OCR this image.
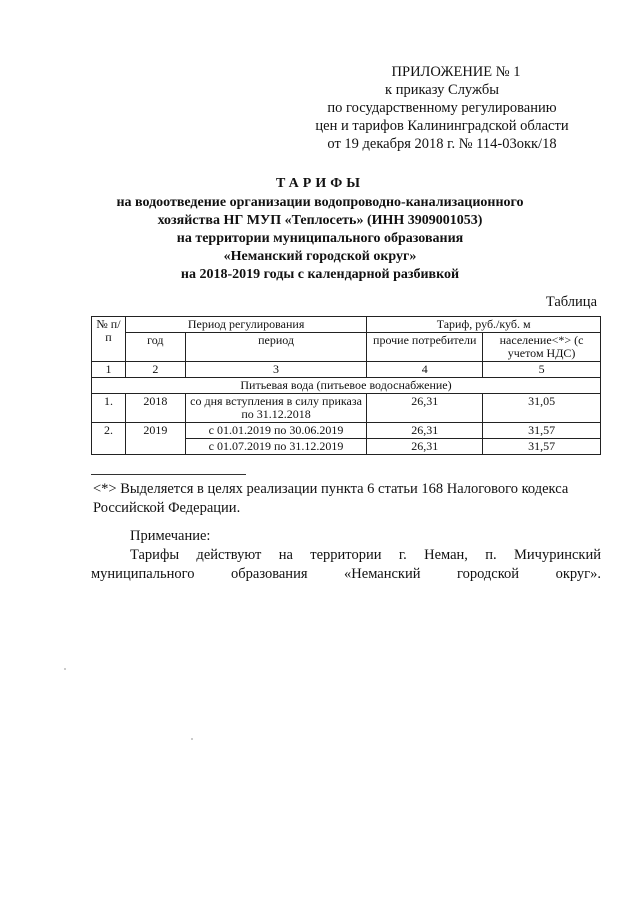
ПРИЛОЖЕНИЕ № 1
к приказу Службы
по государственному регулированию
цен и тарифов Калининградской области
от 19 декабря 2018 г. № 114-03окк/18
ТАРИФЫ
на водоотведение организации водопроводно-канализационного
хозяйства НГ МУП «Теплосеть» (ИНН 3909001053)
на территории муниципального образования
«Неманский городской округ»
на 2018-2019 годы с календарной разбивкой
Таблица
№ п/п	Период регулирования		Тариф, руб./куб. м	
	год	период	прочие потребители	население<*> (с учетом НДС)
1	2	3	4	5
Питьевая вода (питьевое водоснабжение)				
1.	2018	со дня вступления в силу приказа по 31.12.2018	26,31	31,05
2.	2019	с 01.01.2019 по 30.06.2019	26,31	31,57
		с 01.07.2019 по 31.12.2019	26,31	31,57
<*> Выделяется в целях реализации пункта 6 статьи 168 Налогового кодекса Российской Федерации.
Примечание:
Тарифы действуют на территории г. Неман, п. Мичуринский
муниципального образования «Неманский городской округ».
